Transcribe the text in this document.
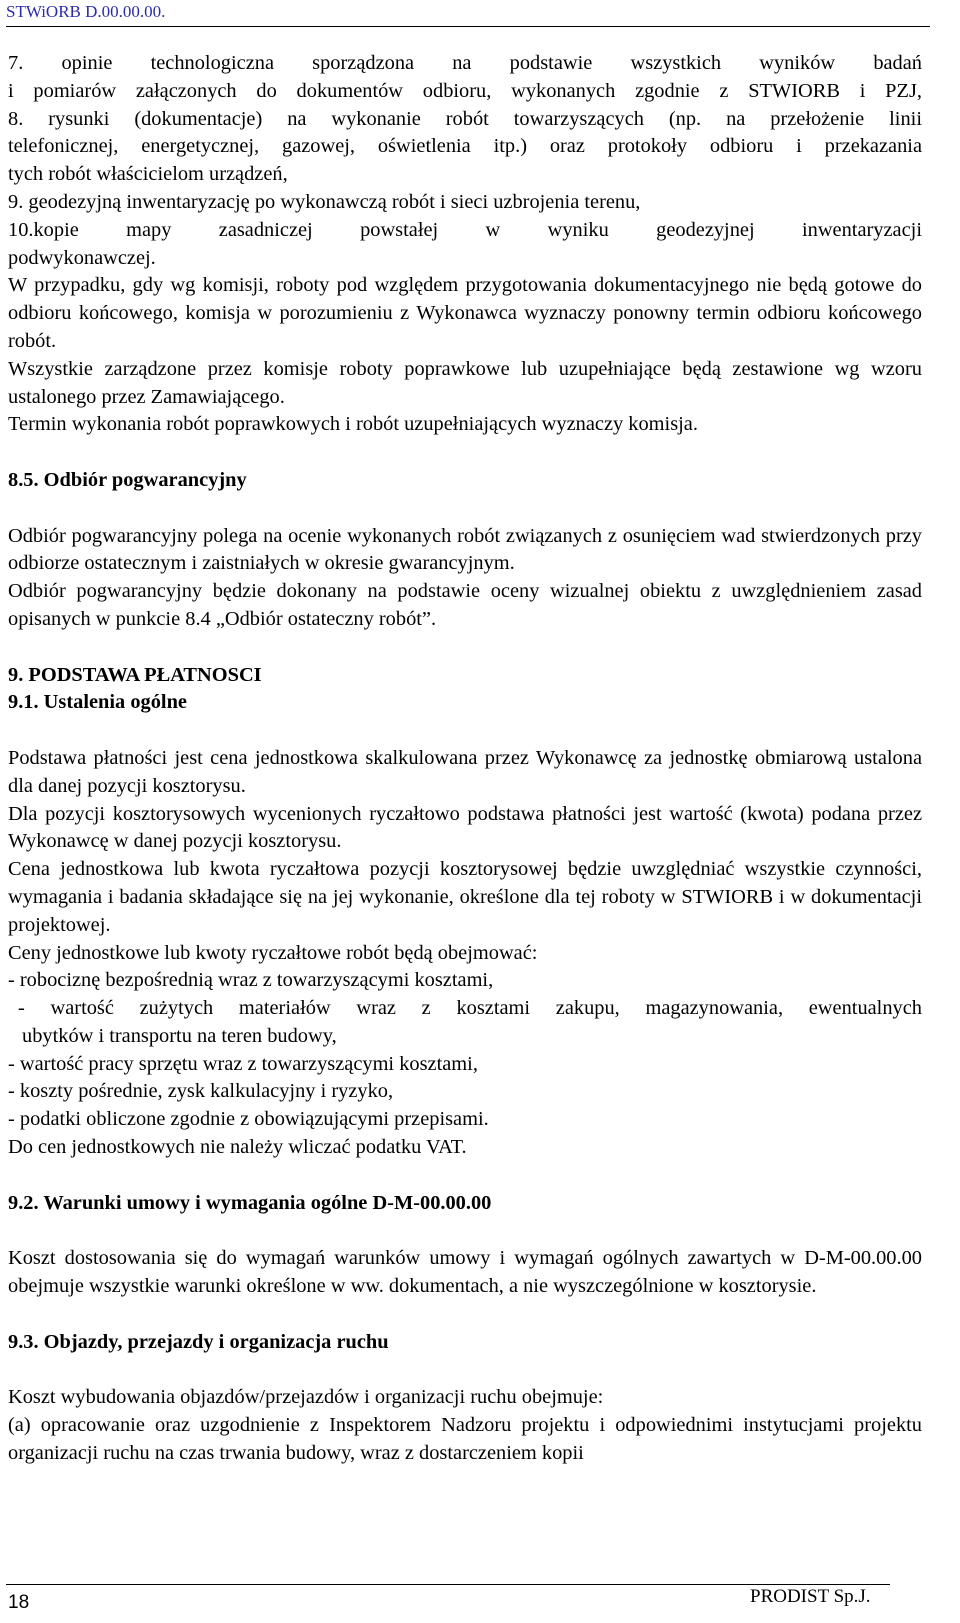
STWiORB D.00.00.00.

7. opinie technologiczna sporządzona na podstawie wszystkich wyników badań

i pomiarów załączonych do dokumentów odbioru, wykonanych zgodnie z STWIORB i PZJ,

8. rysunki (dokumentacje) na wykonanie robót towarzyszących (np. na przełożenie linii

telefonicznej, energetycznej, gazowej, oświetlenia itp.) oraz protokoły odbioru i przekazania

tych robót właścicielom urządzeń,

9. geodezyjną inwentaryzację po wykonawczą robót i sieci uzbrojenia terenu,

10.kopie mapy zasadniczej powstałej w wyniku geodezyjnej inwentaryzacji

podwykonawczej.

W przypadku, gdy wg komisji, roboty pod względem przygotowania dokumentacyjnego nie będą gotowe do odbioru końcowego, komisja w porozumieniu z Wykonawca wyznaczy ponowny termin odbioru końcowego robót.

Wszystkie zarządzone przez komisje roboty poprawkowe lub uzupełniające będą zestawione wg wzoru ustalonego przez Zamawiającego.

Termin wykonania robót poprawkowych i robót uzupełniających wyznaczy komisja.

8.5. Odbiór pogwarancyjny

Odbiór pogwarancyjny polega na ocenie wykonanych robót związanych z osunięciem wad stwierdzonych przy odbiorze ostatecznym i zaistniałych w okresie gwarancyjnym.

Odbiór pogwarancyjny będzie dokonany na podstawie oceny wizualnej obiektu z uwzględnieniem zasad opisanych w punkcie 8.4 „Odbiór ostateczny robót”.

9. PODSTAWA PŁATNOSCI

9.1. Ustalenia ogólne

Podstawa płatności jest cena jednostkowa skalkulowana przez Wykonawcę za jednostkę obmiarową ustalona dla danej pozycji kosztorysu.

Dla pozycji kosztorysowych wycenionych ryczałtowo podstawa płatności jest wartość (kwota) podana przez Wykonawcę w danej pozycji kosztorysu.

Cena jednostkowa lub kwota ryczałtowa pozycji kosztorysowej będzie uwzględniać wszystkie czynności, wymagania i badania składające się na jej wykonanie, określone dla tej roboty w STWIORB i w dokumentacji projektowej.

Ceny jednostkowe lub kwoty ryczałtowe robót będą obejmować:

- robociznę bezpośrednią wraz z towarzyszącymi kosztami,

- wartość zużytych materiałów wraz z kosztami zakupu, magazynowania, ewentualnych

ubytków i transportu na teren budowy,

- wartość pracy sprzętu wraz z towarzyszącymi kosztami,

- koszty pośrednie, zysk kalkulacyjny i ryzyko,

- podatki obliczone zgodnie z obowiązującymi przepisami.

Do cen jednostkowych nie należy wliczać podatku VAT.

9.2. Warunki umowy i wymagania ogólne D-M-00.00.00

Koszt dostosowania się do wymagań warunków umowy i wymagań ogólnych zawartych w D-M-00.00.00 obejmuje wszystkie warunki określone w ww. dokumentach, a nie wyszczególnione w kosztorysie.

9.3. Objazdy, przejazdy i organizacja ruchu

Koszt wybudowania objazdów/przejazdów i organizacji ruchu obejmuje:

(a) opracowanie oraz uzgodnienie z Inspektorem Nadzoru projektu i odpowiednimi instytucjami projektu organizacji ruchu na czas trwania budowy, wraz z dostarczeniem kopii

18	PRODIST Sp.J.
